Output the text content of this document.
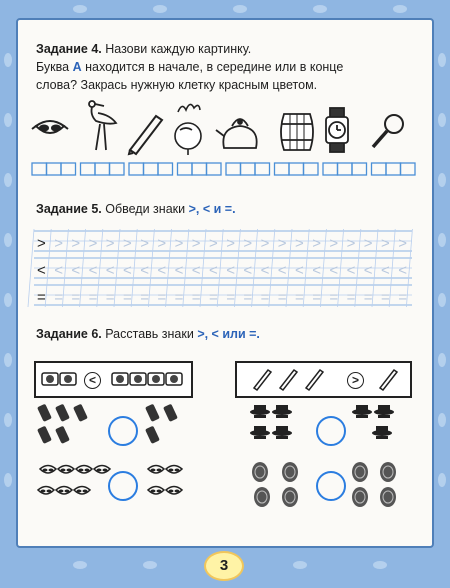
Задание 4. Назови каждую картинку.
Буква А находится в начале, в середине или в конце
слова? Закрась нужную клетку красным цветом.
> > > > > > > > > > > > > > > > > > > > > >
< < < < < < < < < < < < < < < < < < < < < <
= = = = = = = = = = = = = = = = = = = = = =
Задание 5. Обведи знаки >, < и =.
Задание 6. Расставь знаки >, < или =.
<	>
3
